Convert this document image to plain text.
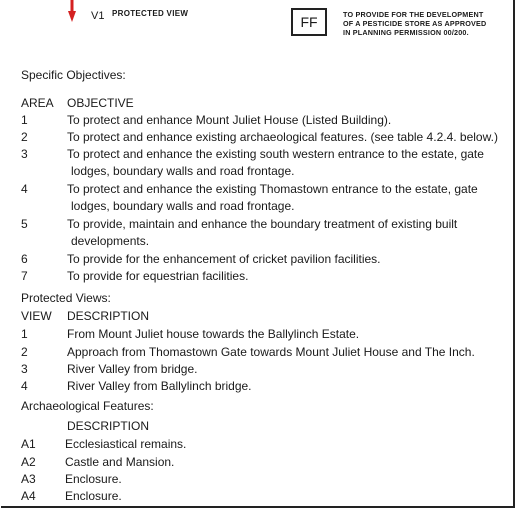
V1 PROTECTED VIEW
FF	TO PROVIDE FOR THE DEVELOPMENT
OF A PESTICIDE STORE AS APPROVED
IN PLANNING PERMISSION 00/200.
Specific Objectives:
AREA OBJECTIVE
1	To protect and enhance Mount Juliet House (Listed Building).
2	To protect and enhance existing archaeological features. (see table 4.2.4. below.)
3	To protect and enhance the existing south western entrance to the estate, gate
lodges, boundary walls and road frontage.
4	To protect and enhance the existing Thomastown entrance to the estate, gate
lodges, boundary walls and road frontage.
5	To provide, maintain and enhance the boundary treatment of existing built
developments.
6	To provide for the enhancement of cricket pavilion facilities.
7	To provide for equestrian facilities.
Protected Views:
VIEW DESCRIPTION
1	From Mount Juliet house towards the Ballylinch Estate.
2	Approach from Thomastown Gate towards Mount Juliet House and The Inch.
3	River Valley from bridge.
4	River Valley from Ballylinch bridge.
Archaeological Features:
DESCRIPTION
A1 Ecclesiastical remains.
A2 Castle and Mansion.
A3 Enclosure.
A4 Enclosure.
